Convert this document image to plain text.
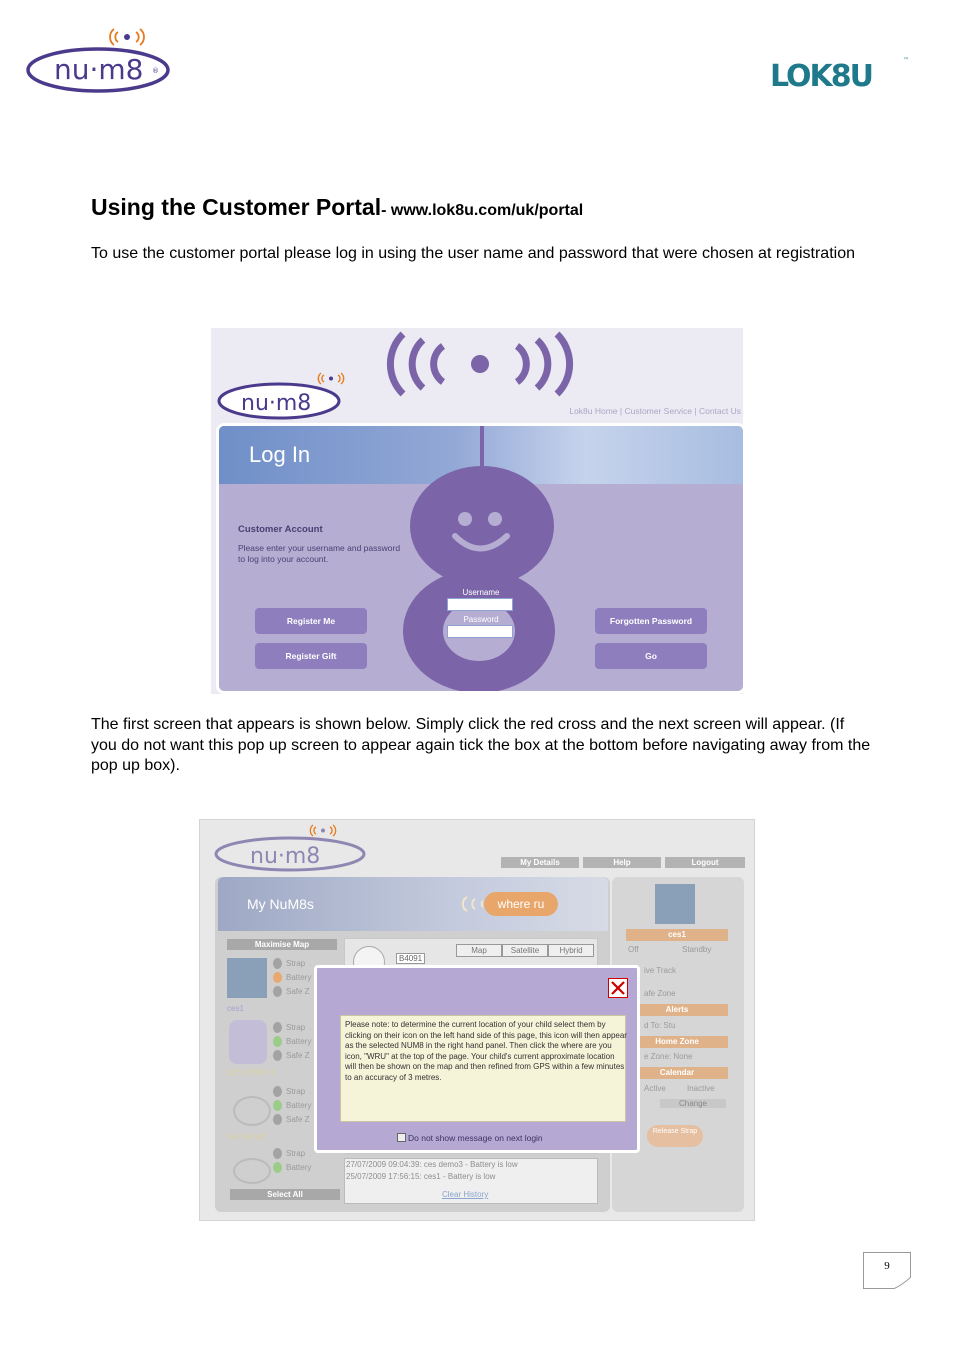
nu·m8 ®	LOK8U	™
Using the Customer Portal- www.lok8u.com/uk/portal
To use the customer portal please log in using the user name and password that were chosen at registration
nu·m8	Lok8u Home | Customer Service | Contact Us
Log In
Customer Account
Please enter your username and password to log into your account.
Username
Password
Register Me
Register Gift
Forgotten Password
Go
The first screen that appears is shown below. Simply click the red cross and the next screen will appear. (If you do not want this pop up screen to appear again tick the box at the bottom before navigating away from the pop up box).
nu·m8	My Details	Help	Logout
My NuM8s	where ru
Maximise Map
ces1
CES DEMO 3
ces demo2
Select All
Strap
Battery
Safe Z
Strap
Battery
Safe Z
Strap
Battery
Safe Z
Strap
Battery
B4091
Map	Satellite	Hybrid
ces1
Off	Standby
ive Track
afe Zone
Alerts
d To: Stu
Home Zone
e Zone: None
Calendar
Active	Inactive
Change
Release Strap
27/07/2009 09:04:39: ces demo3 - Battery is low
25/07/2009 17:56:15: ces1 - Battery is low
Clear History
Please note: to determine the current location of your child select them by clicking on their icon on the left hand side of this page, this icon will then appear as the selected NUM8 in the right hand panel. Then click the where are you icon, "WRU" at the top of the page. Your child's current approximate location will then be shown on the map and then refined from GPS within a few minutes to an accuracy of 3 metres.
Do not show message on next login
9
